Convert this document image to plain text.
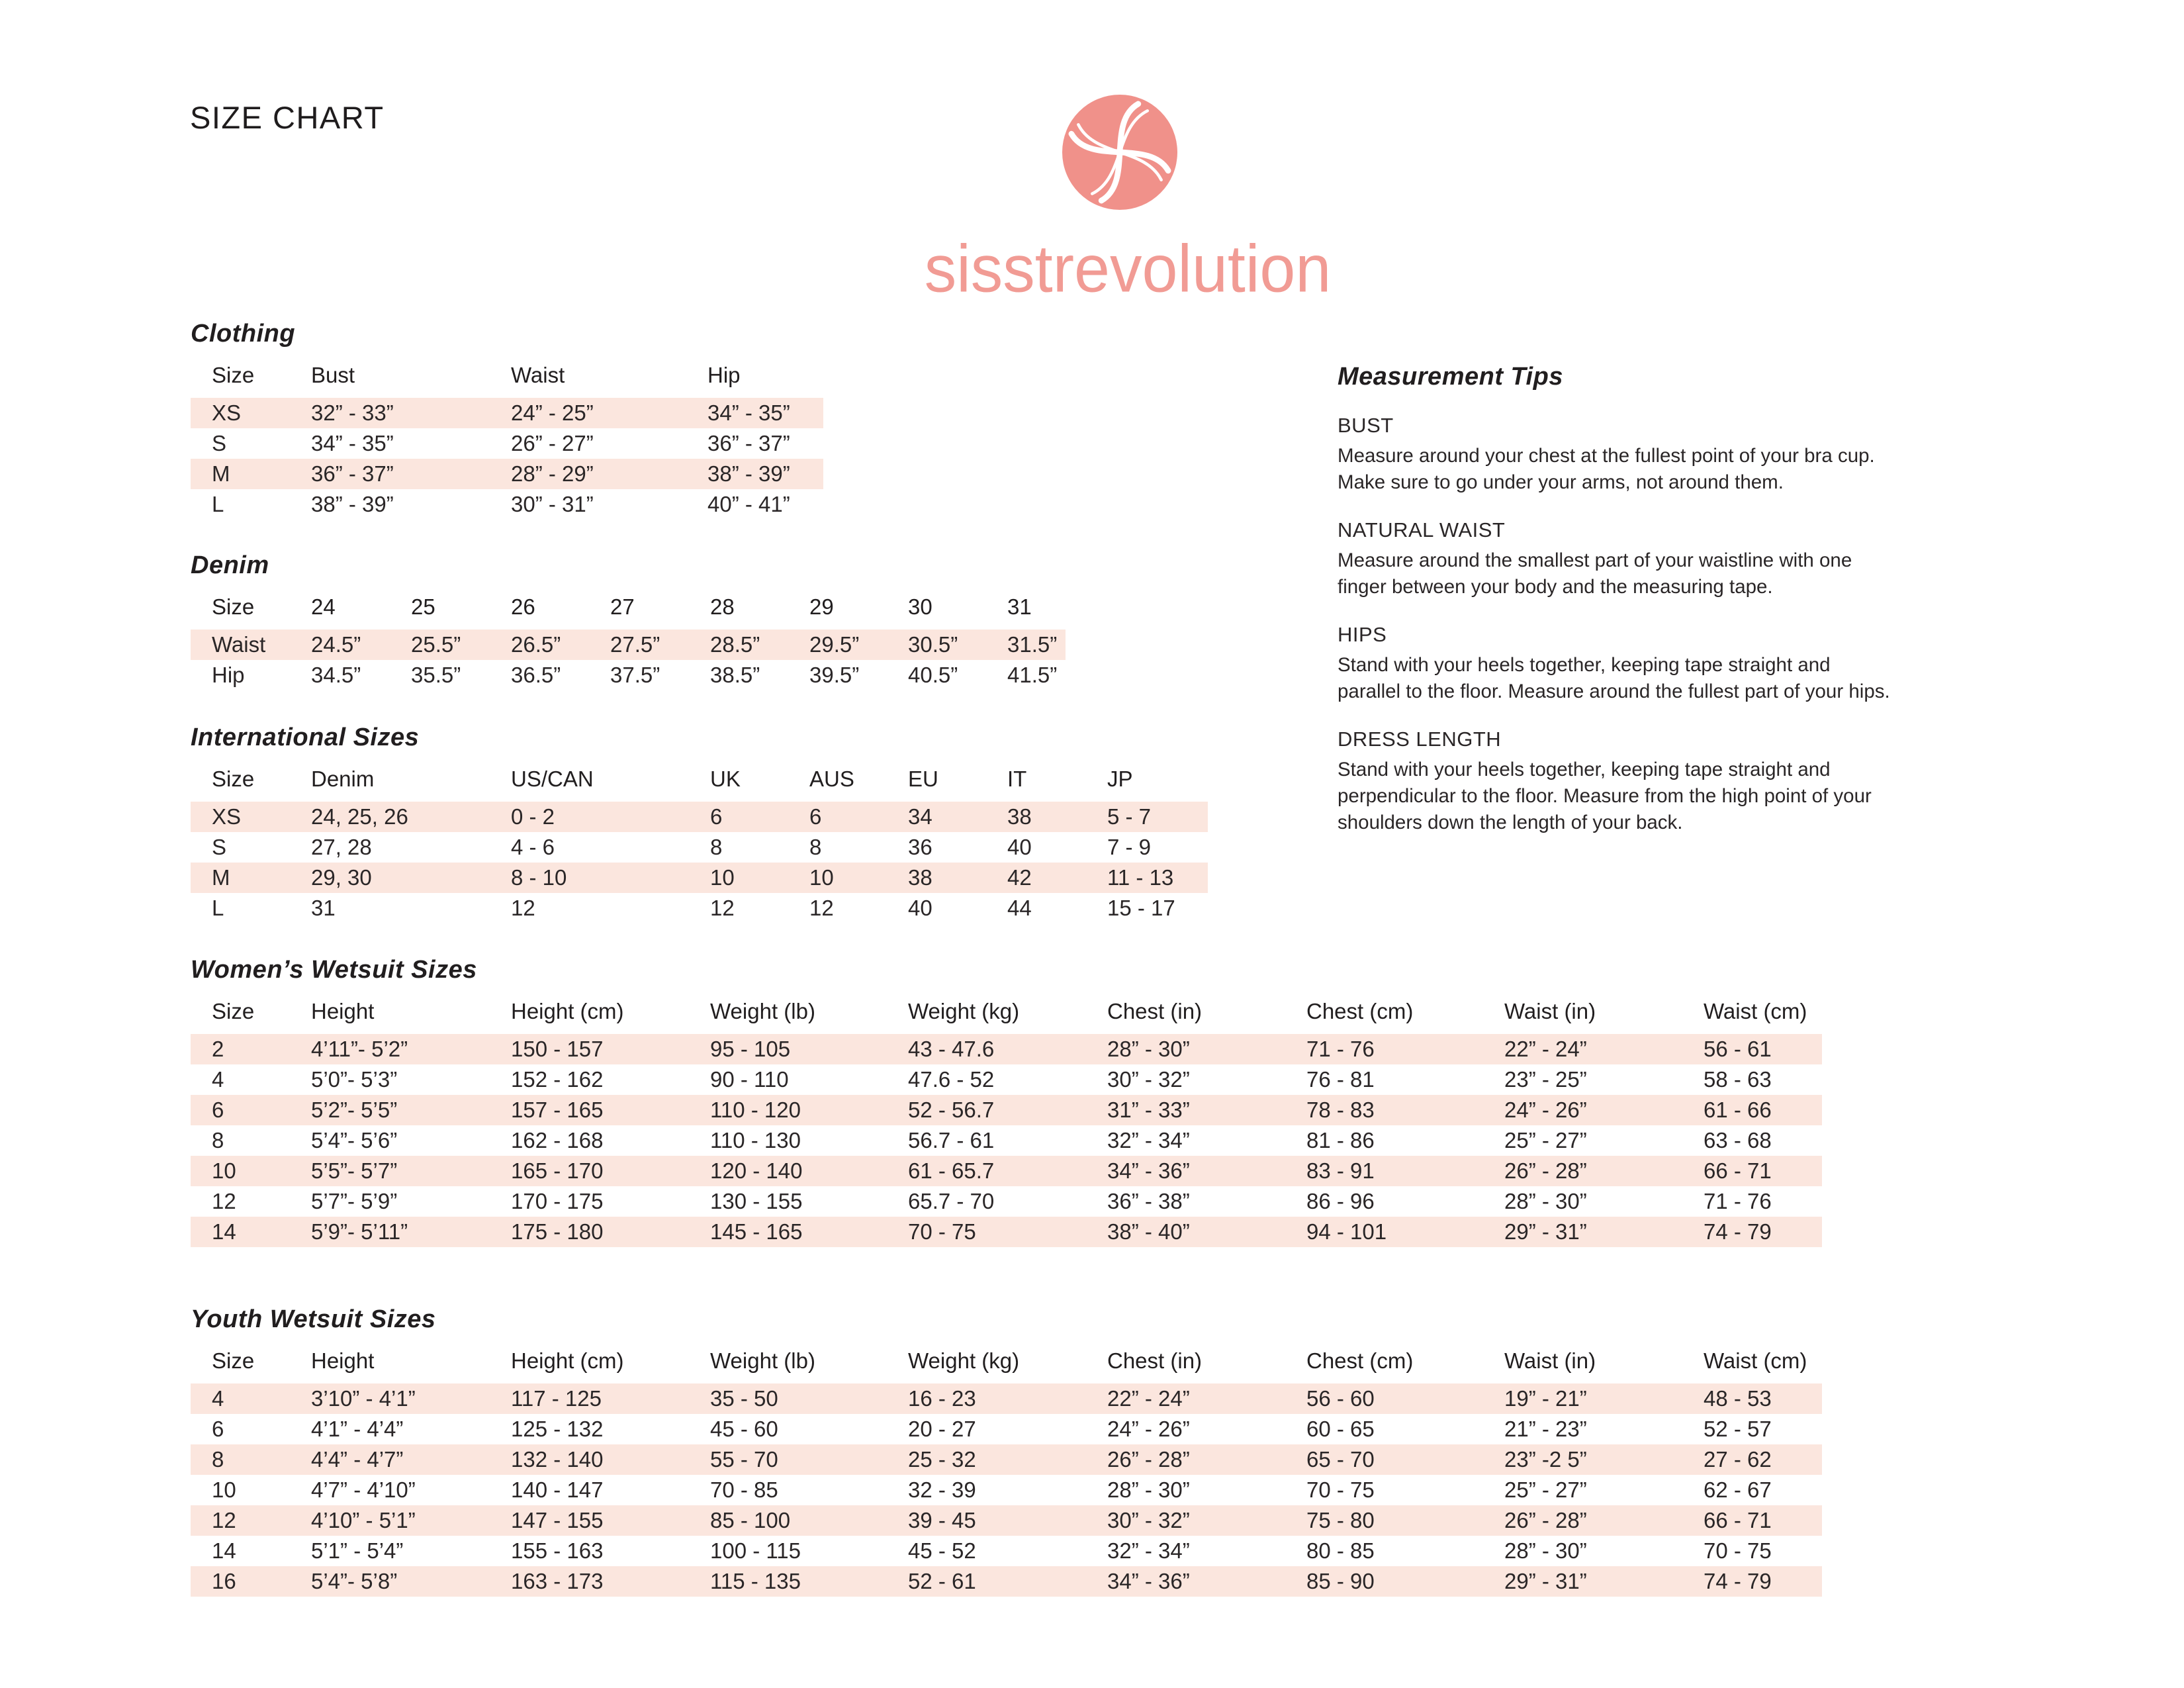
SIZE CHART
sisstrevolution
Clothing
Size	Bust	Waist	Hip
XS	32” - 33”	24” - 25”	34” - 35”
S	34” - 35”	26” - 27”	36” - 37”
M	36” - 37”	28” - 29”	38” - 39”
L	38” - 39”	30” - 31”	40” - 41”
Denim
Size	24	25	26	27	28	29	30	31
Waist	24.5”	25.5”	26.5”	27.5”	28.5”	29.5”	30.5”	31.5”
Hip	34.5”	35.5”	36.5”	37.5”	38.5”	39.5”	40.5”	41.5”
International Sizes
Size	Denim	US/CAN	UK	AUS	EU	IT	JP
XS	24, 25, 26	0 - 2	6	6	34	38	5 - 7
S	27, 28	4 - 6	8	8	36	40	7 - 9
M	29, 30	8 - 10	10	10	38	42	11 - 13
L	31	12	12	12	40	44	15 - 17
Women’s Wetsuit Sizes
Size	Height	Height (cm)	Weight (lb)	Weight (kg)	Chest (in)	Chest (cm)	Waist (in)	Waist (cm)
2	4’11”- 5’2”	150 - 157	95 - 105	43 - 47.6	28” - 30”	71 - 76	22” - 24”	56 - 61
4	5’0”- 5’3”	152 - 162	90 - 110	47.6 - 52	30” - 32”	76 - 81	23” - 25”	58 - 63
6	5’2”- 5’5”	157 - 165	110 - 120	52 - 56.7	31” - 33”	78 - 83	24” - 26”	61 - 66
8	5’4”- 5’6”	162 - 168	110 - 130	56.7 - 61	32” - 34”	81 - 86	25” - 27”	63 - 68
10	5’5”- 5’7”	165 - 170	120 - 140	61 - 65.7	34” - 36”	83 - 91	26” - 28”	66 - 71
12	5’7”- 5’9”	170 - 175	130 - 155	65.7 - 70	36” - 38”	86 - 96	28” - 30”	71 - 76
14	5’9”- 5’11”	175 - 180	145 - 165	70 - 75	38” - 40”	94 - 101	29” - 31”	74 - 79
Youth Wetsuit Sizes
Size	Height	Height (cm)	Weight (lb)	Weight (kg)	Chest (in)	Chest (cm)	Waist (in)	Waist (cm)
4	3’10” - 4’1”	117 - 125	35 - 50	16 - 23	22” - 24”	56 - 60	19” - 21”	48 - 53
6	4’1” - 4’4”	125 - 132	45 - 60	20 - 27	24” - 26”	60 - 65	21” - 23”	52 - 57
8	4’4” - 4’7”	132 - 140	55 - 70	25 - 32	26” - 28”	65 - 70	23” -2 5”	27 - 62
10	4’7” - 4’10”	140 - 147	70 - 85	32 - 39	28” - 30”	70 - 75	25” - 27”	62 - 67
12	4’10” - 5’1”	147 - 155	85 - 100	39 - 45	30” - 32”	75 - 80	26” - 28”	66 - 71
14	5’1” - 5’4”	155 - 163	100 - 115	45 - 52	32” - 34”	80 - 85	28” - 30”	70 - 75
16	5’4”- 5’8”	163 - 173	115 - 135	52 - 61	34” - 36”	85 - 90	29” - 31”	74 - 79
Measurement Tips
BUST
Measure around your chest at the fullest point of your bra cup.
Make sure to go under your arms, not around them.
NATURAL WAIST
Measure around the smallest part of your waistline with one
finger between your body and the measuring tape.
HIPS
Stand with your heels together, keeping tape straight and
parallel to the floor. Measure around the fullest part of your hips.
DRESS LENGTH
Stand with your heels together, keeping tape straight and
perpendicular to the floor. Measure from the high point of your
shoulders down the length of your back.
